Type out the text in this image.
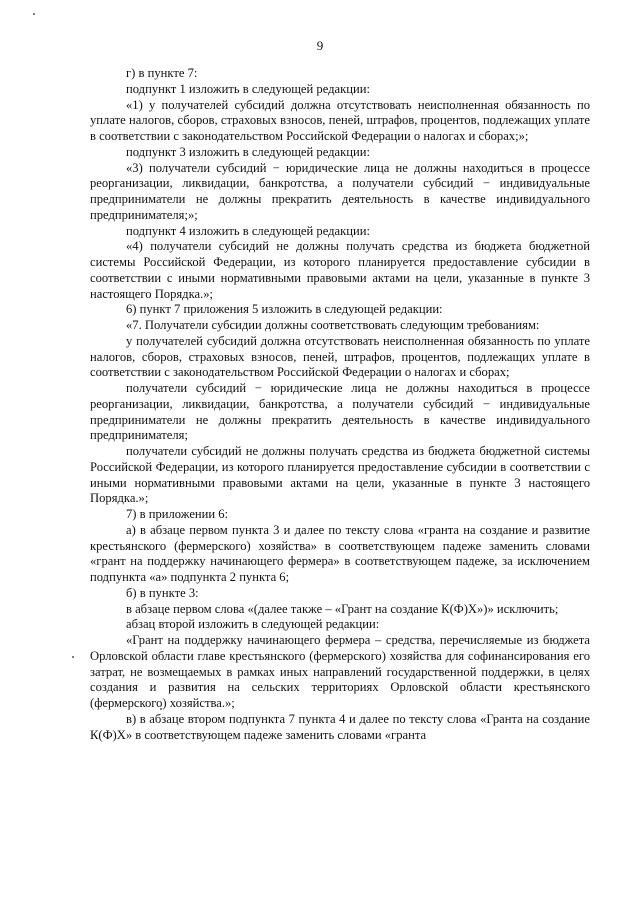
9

г) в пункте 7:

подпункт 1 изложить в следующей редакции:

«1) у получателей субсидий должна отсутствовать неисполненная обязанность по уплате налогов, сборов, страховых взносов, пеней, штрафов, процентов, подлежащих уплате в соответствии с законодательством Российской Федерации о налогах и сборах;»;

подпункт 3 изложить в следующей редакции:

«3) получатели субсидий − юридические лица не должны находиться в процессе реорганизации, ликвидации, банкротства, а получатели субсидий − индивидуальные предприниматели не должны прекратить деятельность в качестве индивидуального предпринимателя;»;

подпункт 4 изложить в следующей редакции:

«4) получатели субсидий не должны получать средства из бюджета бюджетной системы Российской Федерации, из которого планируется предоставление субсидии в соответствии с иными нормативными правовыми актами на цели, указанные в пункте 3 настоящего Порядка.»;

6) пункт 7 приложения 5 изложить в следующей редакции:

«7. Получатели субсидии должны соответствовать следующим требованиям:

у получателей субсидий должна отсутствовать неисполненная обязанность по уплате налогов, сборов, страховых взносов, пеней, штрафов, процентов, подлежащих уплате в соответствии с законодательством Российской Федерации о налогах и сборах;

получатели субсидий − юридические лица не должны находиться в процессе реорганизации, ликвидации, банкротства, а получатели субсидий − индивидуальные предприниматели не должны прекратить деятельность в качестве индивидуального предпринимателя;

получатели субсидий не должны получать средства из бюджета бюджетной системы Российской Федерации, из которого планируется предоставление субсидии в соответствии с иными нормативными правовыми актами на цели, указанные в пункте 3 настоящего Порядка.»;

7) в приложении 6:

а) в абзаце первом пункта 3 и далее по тексту слова «гранта на создание и развитие крестьянского (фермерского) хозяйства» в соответствующем падеже заменить словами «грант на поддержку начинающего фермера» в соответствующем падеже, за исключением подпункта «а» подпункта 2 пункта 6;

б) в пункте 3:

в абзаце первом слова «(далее также – «Грант на создание К(Ф)Х»)» исключить;

абзац второй изложить в следующей редакции:

«Грант на поддержку начинающего фермера – средства, перечисляемые из бюджета Орловской области главе крестьянского (фермерского) хозяйства для софинансирования его затрат, не возмещаемых в рамках иных направлений государственной поддержки, в целях создания и развития на сельских территориях Орловской области крестьянского (фермерского) хозяйства.»;

в) в абзаце втором подпункта 7 пункта 4 и далее по тексту слова «Гранта на создание К(Ф)Х» в соответствующем падеже заменить словами «гранта
